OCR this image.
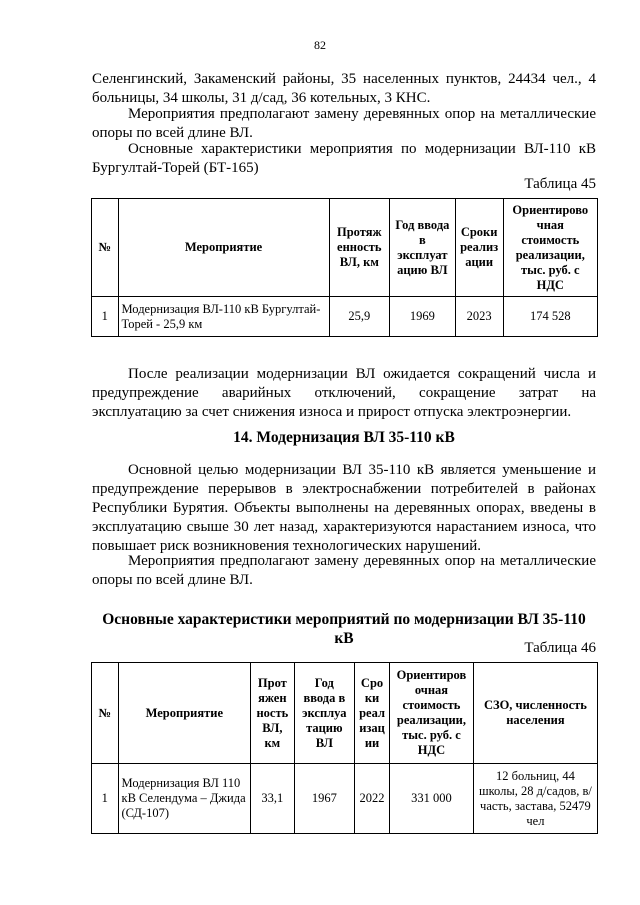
82
Селенгинский, Закаменский районы, 35 населенных пунктов, 24434 чел., 4
больницы, 34 школы, 31 д/сад, 36 котельных, 3 КНС.
Мероприятия предполагают замену деревянных опор на металлические
опоры по всей длине ВЛ.
Основные характеристики мероприятия по модернизации ВЛ-110 кВ
Бургултай-Торей (БТ-165)
Таблица 45
№	Мероприятие	Протяж енность ВЛ, км	Год ввода в эксплуат ацию ВЛ	Сроки реализ ации	Ориентирово чная стоимость реализации, тыс. руб. с НДС
1	Модернизация ВЛ-110 кВ Бургултай-Торей - 25,9 км	25,9	1969	2023	174 528
После реализации модернизации ВЛ ожидается сокращений числа и
предупреждение аварийных отключений, сокращение затрат на
эксплуатацию за счет снижения износа и прирост отпуска электроэнергии.
14. Модернизация ВЛ 35-110 кВ
Основной целью модернизации ВЛ 35-110 кВ является уменьшение и
предупреждение перерывов в электроснабжении потребителей в районах
Республики Бурятия. Объекты выполнены на деревянных опорах, введены в
эксплуатацию свыше 30 лет назад, характеризуются нарастанием износа, что
повышает риск возникновения технологических нарушений.
Мероприятия предполагают замену деревянных опор на металлические
опоры по всей длине ВЛ.
Основные характеристики мероприятий по модернизации ВЛ 35-110 кВ
Таблица 46
№	Мероприятие	Прот яжен ность ВЛ, км	Год ввода в эксплуа тацию ВЛ	Сро ки реал изац ии	Ориентиров очная стоимость реализации, тыс. руб. с НДС	СЗО, численность населения
1	Модернизация ВЛ 110 кВ Селендума – Джида (СД-107)	33,1	1967	2022	331 000	12 больниц, 44 школы, 28 д/садов, в/часть, застава, 52479 чел
